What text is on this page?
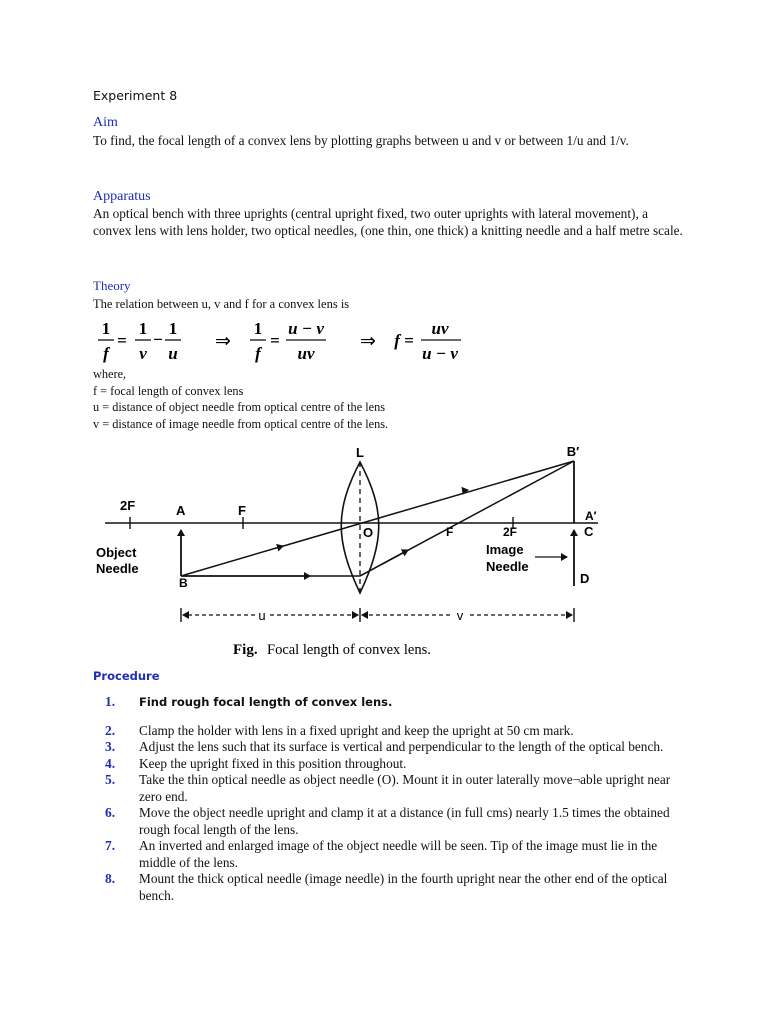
Experiment 8
Aim
To find, the focal length of a convex lens by plotting graphs between u and v or between 1/u and 1/v.
Apparatus
An optical bench with three uprights (central upright fixed, two outer uprights with lateral movement), a convex lens with lens holder, two optical needles, (one thin, one thick) a knitting needle and a half metre scale.
Theory
The relation between u, v and f for a convex lens is
1
f
=
1
v
−
1
u
⇒
1
f
=
u − v
uv
⇒ f =
uv
u − v
where,
f = focal length of convex lens
u = distance of object needle from optical centre of the lens
v = distance of image needle from optical centre of the lens.
L	B′
A′
C
D
2F	A	F
O	F	2F
B
Object
Needle
Image
Needle
u	v
Fig. Focal length of convex lens.
Procedure
1.	Find rough focal length of convex lens.
2.	Clamp the holder with lens in a fixed upright and keep the upright at 50 cm mark.
3.	Adjust the lens such that its surface is vertical and perpendicular to the length of the optical bench.
4.	Keep the upright fixed in this position throughout.
5.	Take the thin optical needle as object needle (O). Mount it in outer laterally move¬able upright near zero end.
6.	Move the object needle upright and clamp it at a distance (in full cms) nearly 1.5 times the obtained rough focal length of the lens.
7.	An inverted and enlarged image of the object needle will be seen. Tip of the image must lie in the middle of the lens.
8.	Mount the thick optical needle (image needle) in the fourth upright near the other end of the optical bench.
